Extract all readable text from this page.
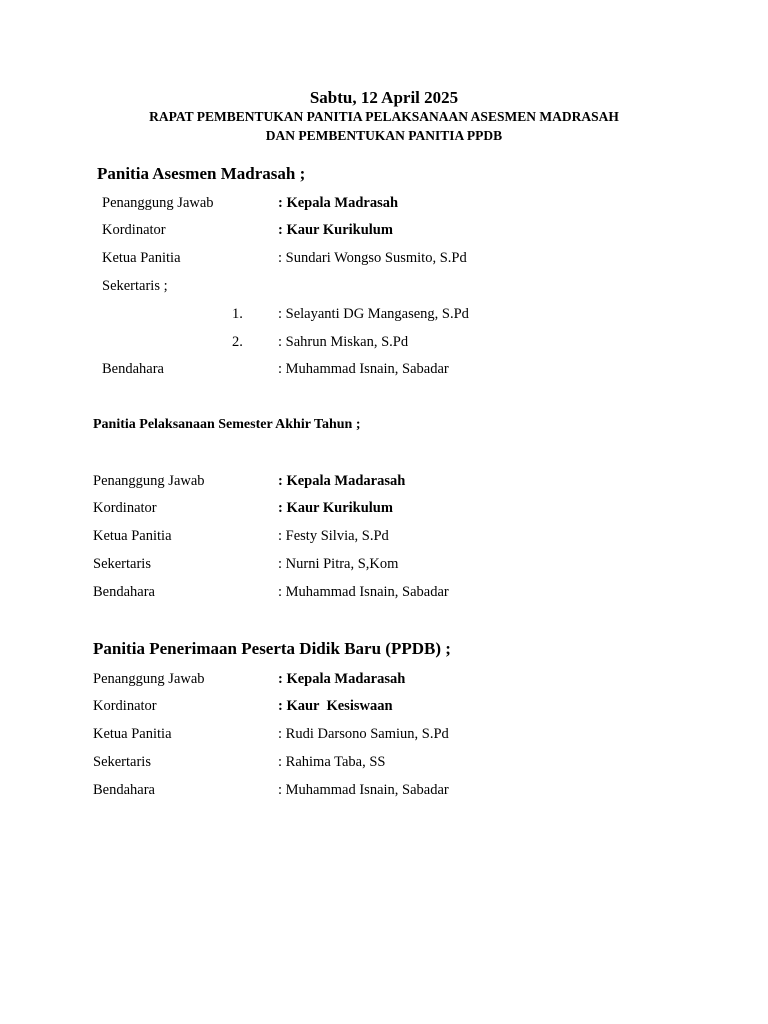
Sabtu, 12 April 2025
RAPAT PEMBENTUKAN PANITIA PELAKSANAAN ASESMEN MADRASAH
DAN PEMBENTUKAN PANITIA PPDB
Panitia Asesmen Madrasah ;
Penanggung Jawab	: Kepala Madrasah
Kordinator	: Kaur Kurikulum
Ketua Panitia	: Sundari Wongso Susmito, S.Pd
Sekertaris ;
1. : Selayanti DG Mangaseng, S.Pd
2. : Sahrun Miskan, S.Pd
Bendahara	: Muhammad Isnain, Sabadar
Panitia Pelaksanaan Semester Akhir Tahun ;
Penanggung Jawab	: Kepala Madarasah
Kordinator	: Kaur Kurikulum
Ketua Panitia	: Festy Silvia, S.Pd
Sekertaris	: Nurni Pitra, S,Kom
Bendahara	: Muhammad Isnain, Sabadar
Panitia Penerimaan Peserta Didik Baru (PPDB) ;
Penanggung Jawab	: Kepala Madarasah
Kordinator	: Kaur  Kesiswaan
Ketua Panitia	: Rudi Darsono Samiun, S.Pd
Sekertaris	: Rahima Taba, SS
Bendahara	: Muhammad Isnain, Sabadar
